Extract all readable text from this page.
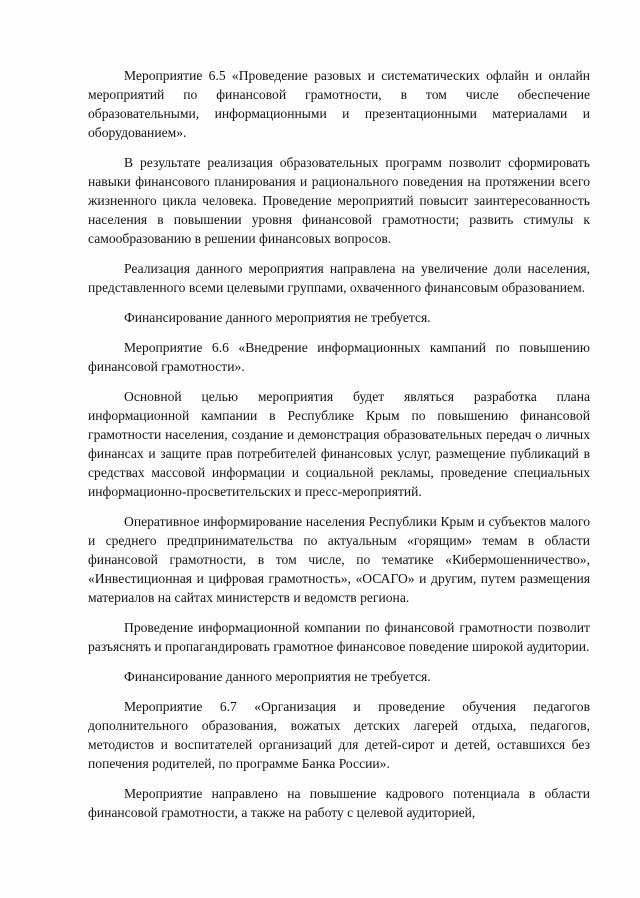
Мероприятие 6.5 «Проведение разовых и систематических офлайн и онлайн мероприятий по финансовой грамотности, в том числе обеспечение образовательными, информационными и презентационными материалами и оборудованием».

В результате реализация образовательных программ позволит сформировать навыки финансового планирования и рационального поведения на протяжении всего жизненного цикла человека. Проведение мероприятий повысит заинтересованность населения в повышении уровня финансовой грамотности; развить стимулы к самообразованию в решении финансовых вопросов.

Реализация данного мероприятия направлена на увеличение доли населения, представленного всеми целевыми группами, охваченного финансовым образованием.

Финансирование данного мероприятия не требуется.

Мероприятие 6.6 «Внедрение информационных кампаний по повышению финансовой грамотности».

Основной целью мероприятия будет являться разработка плана информационной кампании в Республике Крым по повышению финансовой грамотности населения, создание и демонстрация образовательных передач о личных финансах и защите прав потребителей финансовых услуг, размещение публикаций в средствах массовой информации и социальной рекламы, проведение специальных информационно-просветительских и пресс-мероприятий.

Оперативное информирование населения Республики Крым и субъектов малого и среднего предпринимательства по актуальным «горящим» темам в области финансовой грамотности, в том числе, по тематике «Кибермошенничество», «Инвестиционная и цифровая грамотность», «ОСАГО» и другим, путем размещения материалов на сайтах министерств и ведомств региона.

Проведение информационной компании по финансовой грамотности позволит разъяснять и пропагандировать грамотное финансовое поведение широкой аудитории.

Финансирование данного мероприятия не требуется.

Мероприятие 6.7 «Организация и проведение обучения педагогов дополнительного образования, вожатых детских лагерей отдыха, педагогов, методистов и воспитателей организаций для детей-сирот и детей, оставшихся без попечения родителей, по программе Банка России».

Мероприятие направлено на повышение кадрового потенциала в области финансовой грамотности, а также на работу с целевой аудиторией,
